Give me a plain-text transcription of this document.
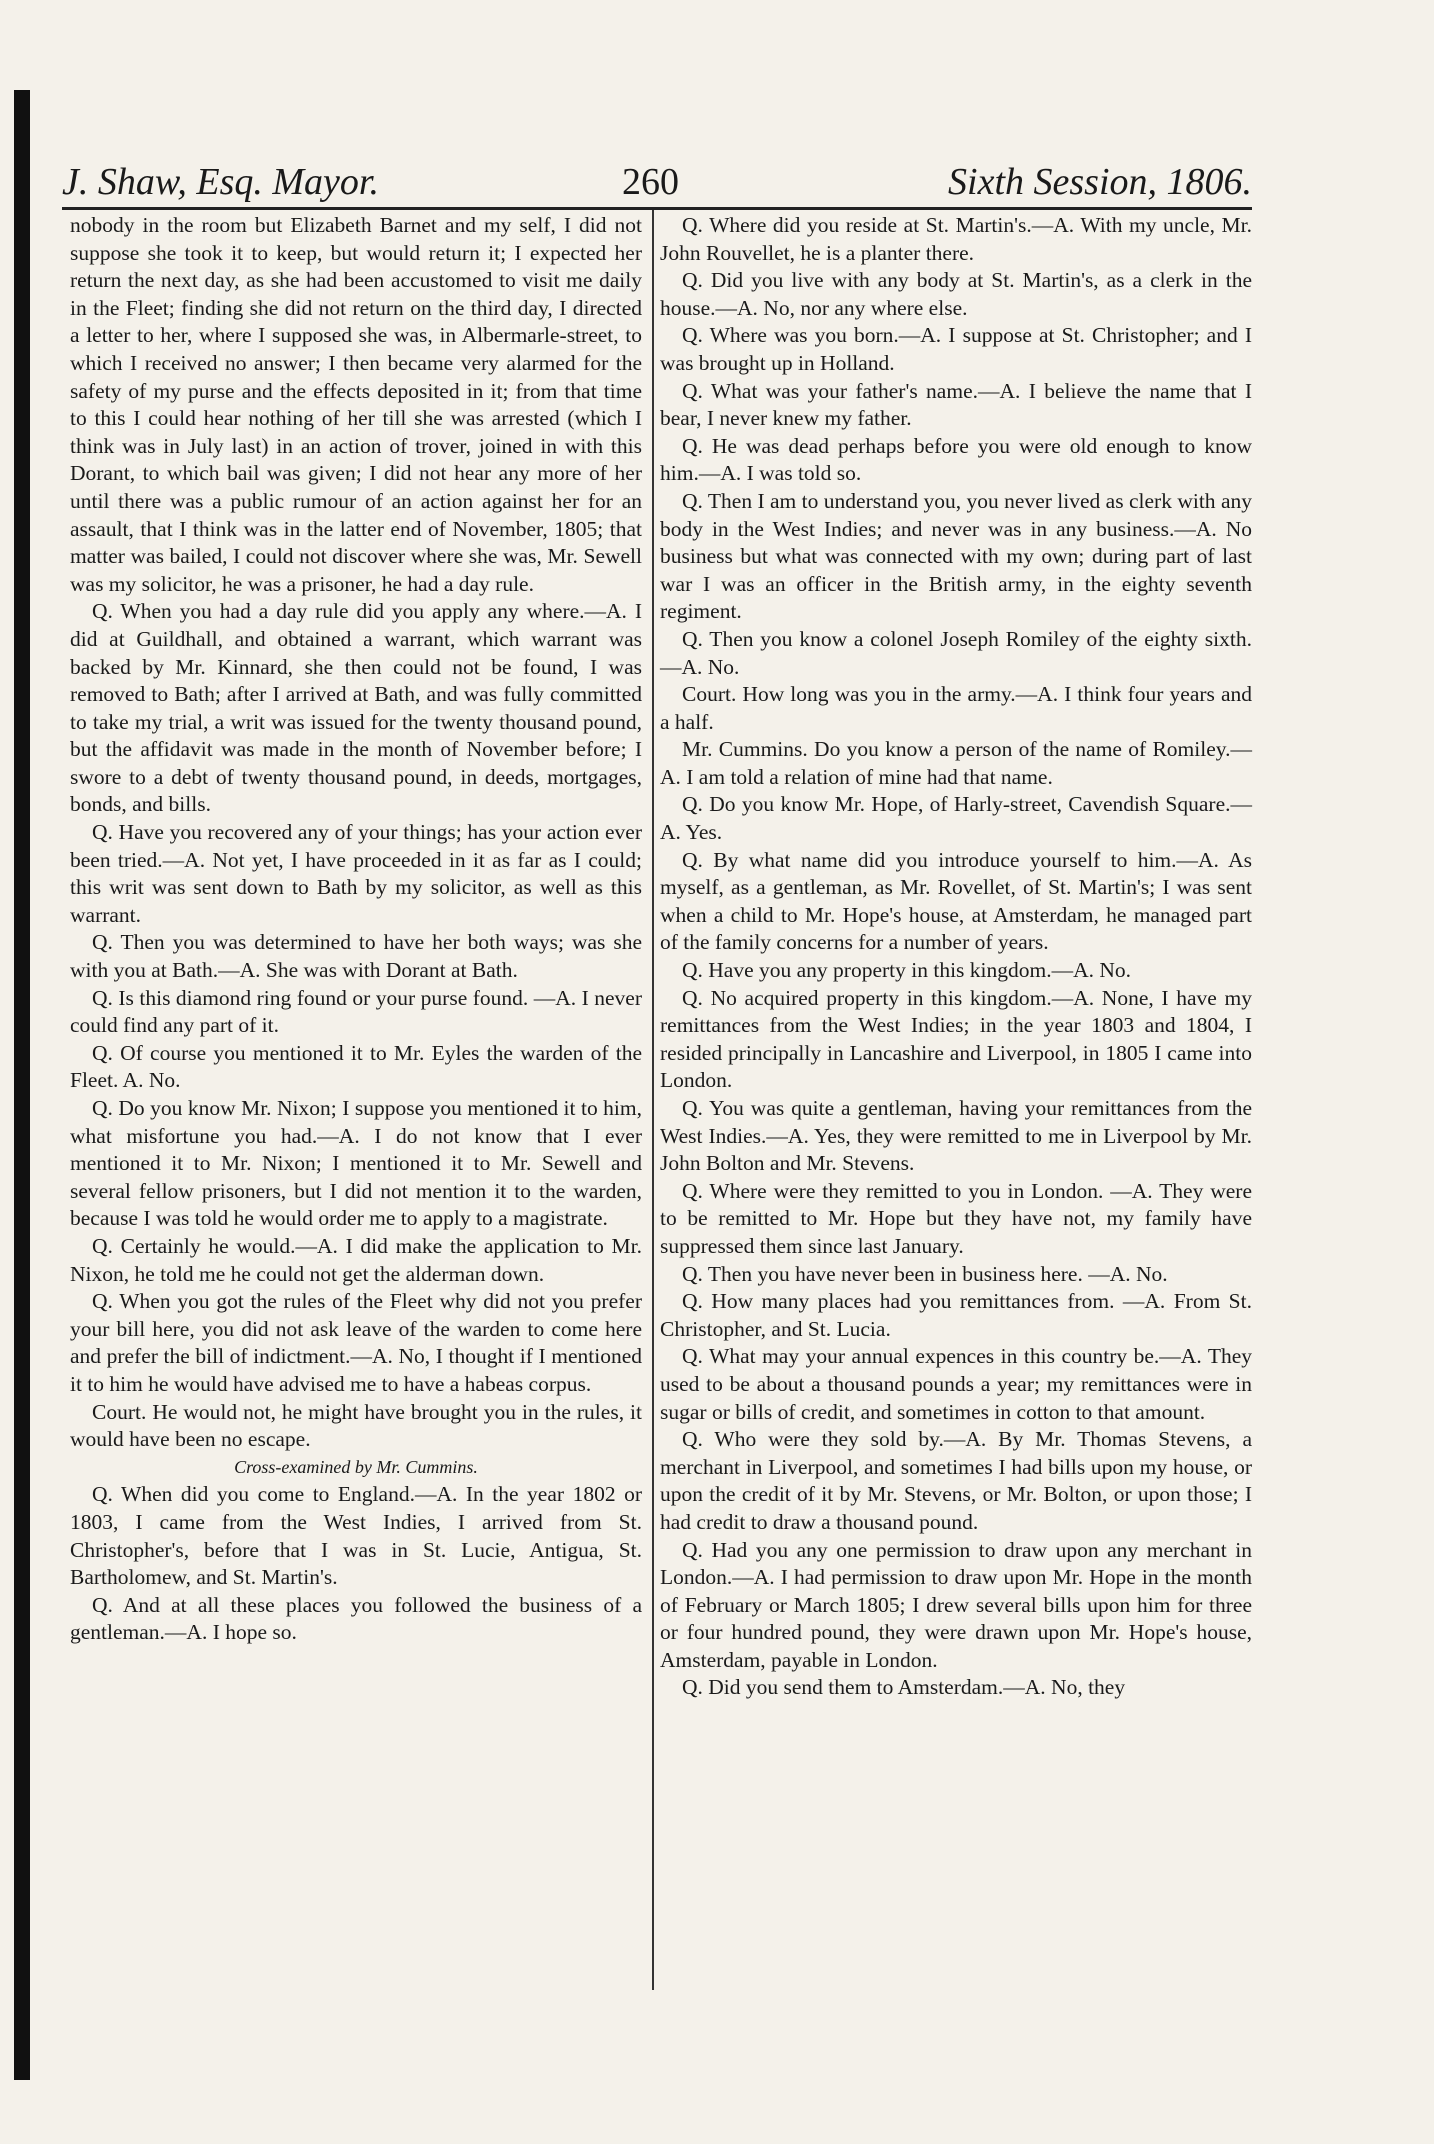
J. Shaw, Esq. Mayor.	260	Sixth Session, 1806.

nobody in the room but Elizabeth Barnet and my self, I did not suppose she took it to keep, but would return it; I expected her return the next day, as she had been accustomed to visit me daily in the Fleet; finding she did not return on the third day, I directed a letter to her, where I supposed she was, in Albermarle-street, to which I received no answer; I then became very alarmed for the safety of my purse and the effects deposited in it; from that time to this I could hear nothing of her till she was arrested (which I think was in July last) in an action of trover, joined in with this Dorant, to which bail was given; I did not hear any more of her until there was a public rumour of an action against her for an assault, that I think was in the latter end of November, 1805; that matter was bailed, I could not discover where she was, Mr. Sewell was my solicitor, he was a prisoner, he had a day rule.

Q. When you had a day rule did you apply any where.—A. I did at Guildhall, and obtained a warrant, which warrant was backed by Mr. Kinnard, she then could not be found, I was removed to Bath; after I arrived at Bath, and was fully committed to take my trial, a writ was issued for the twenty thousand pound, but the affidavit was made in the month of November before; I swore to a debt of twenty thousand pound, in deeds, mortgages, bonds, and bills.

Q. Have you recovered any of your things; has your action ever been tried.—A. Not yet, I have proceeded in it as far as I could; this writ was sent down to Bath by my solicitor, as well as this warrant.

Q. Then you was determined to have her both ways; was she with you at Bath.—A. She was with Dorant at Bath.

Q. Is this diamond ring found or your purse found. —A. I never could find any part of it.

Q. Of course you mentioned it to Mr. Eyles the warden of the Fleet. A. No.

Q. Do you know Mr. Nixon; I suppose you mentioned it to him, what misfortune you had.—A. I do not know that I ever mentioned it to Mr. Nixon; I mentioned it to Mr. Sewell and several fellow prisoners, but I did not mention it to the warden, because I was told he would order me to apply to a magistrate.

Q. Certainly he would.—A. I did make the application to Mr. Nixon, he told me he could not get the alderman down.

Q. When you got the rules of the Fleet why did not you prefer your bill here, you did not ask leave of the warden to come here and prefer the bill of indictment.—A. No, I thought if I mentioned it to him he would have advised me to have a habeas corpus.

Court. He would not, he might have brought you in the rules, it would have been no escape.

Cross-examined by Mr. Cummins.

Q. When did you come to England.—A. In the year 1802 or 1803, I came from the West Indies, I arrived from St. Christopher's, before that I was in St. Lucie, Antigua, St. Bartholomew, and St. Martin's.

Q. And at all these places you followed the business of a gentleman.—A. I hope so.

Q. Where did you reside at St. Martin's.—A. With my uncle, Mr. John Rouvellet, he is a planter there.

Q. Did you live with any body at St. Martin's, as a clerk in the house.—A. No, nor any where else.

Q. Where was you born.—A. I suppose at St. Christopher; and I was brought up in Holland.

Q. What was your father's name.—A. I believe the name that I bear, I never knew my father.

Q. He was dead perhaps before you were old enough to know him.—A. I was told so.

Q. Then I am to understand you, you never lived as clerk with any body in the West Indies; and never was in any business.—A. No business but what was connected with my own; during part of last war I was an officer in the British army, in the eighty seventh regiment.

Q. Then you know a colonel Joseph Romiley of the eighty sixth.—A. No.

Court. How long was you in the army.—A. I think four years and a half.

Mr. Cummins. Do you know a person of the name of Romiley.—A. I am told a relation of mine had that name.

Q. Do you know Mr. Hope, of Harly-street, Cavendish Square.—A. Yes.

Q. By what name did you introduce yourself to him.—A. As myself, as a gentleman, as Mr. Rovellet, of St. Martin's; I was sent when a child to Mr. Hope's house, at Amsterdam, he managed part of the family concerns for a number of years.

Q. Have you any property in this kingdom.—A. No.

Q. No acquired property in this kingdom.—A. None, I have my remittances from the West Indies; in the year 1803 and 1804, I resided principally in Lancashire and Liverpool, in 1805 I came into London.

Q. You was quite a gentleman, having your remittances from the West Indies.—A. Yes, they were remitted to me in Liverpool by Mr. John Bolton and Mr. Stevens.

Q. Where were they remitted to you in London. —A. They were to be remitted to Mr. Hope but they have not, my family have suppressed them since last January.

Q. Then you have never been in business here. —A. No.

Q. How many places had you remittances from. —A. From St. Christopher, and St. Lucia.

Q. What may your annual expences in this country be.—A. They used to be about a thousand pounds a year; my remittances were in sugar or bills of credit, and sometimes in cotton to that amount.

Q. Who were they sold by.—A. By Mr. Thomas Stevens, a merchant in Liverpool, and sometimes I had bills upon my house, or upon the credit of it by Mr. Stevens, or Mr. Bolton, or upon those; I had credit to draw a thousand pound.

Q. Had you any one permission to draw upon any merchant in London.—A. I had permission to draw upon Mr. Hope in the month of February or March 1805; I drew several bills upon him for three or four hundred pound, they were drawn upon Mr. Hope's house, Amsterdam, payable in London.

Q. Did you send them to Amsterdam.—A. No, they
